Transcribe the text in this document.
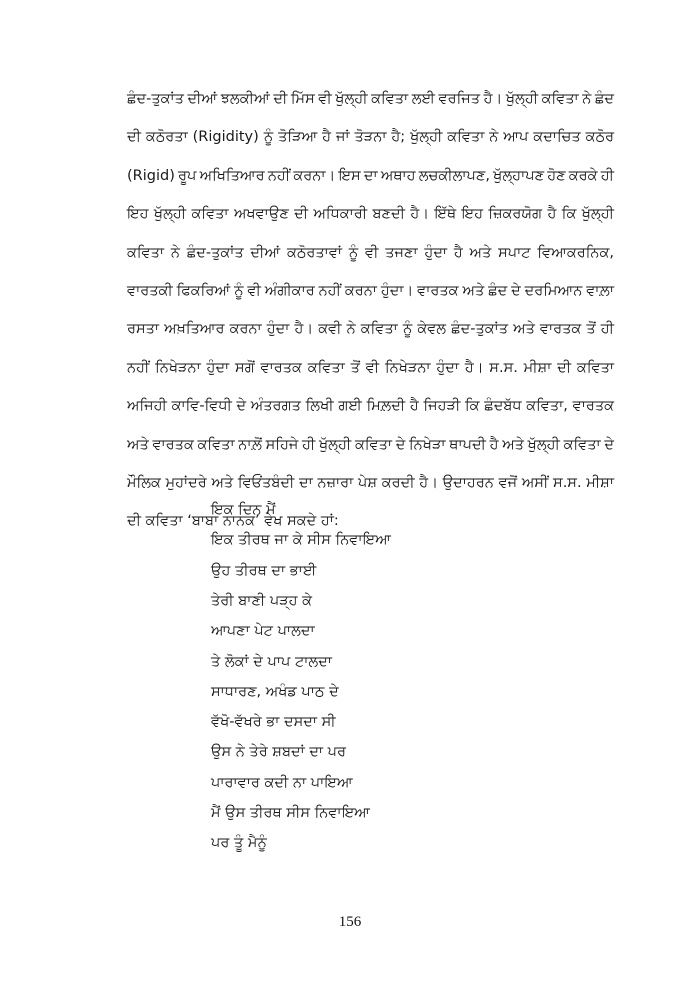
ਛੰਦ-ਤੁਕਾਂਤ ਦੀਆਂ ਝਲਕੀਆਂ ਦੀ ਮਿੱਸ ਵੀ ਖੁੱਲ੍ਹੀ ਕਵਿਤਾ ਲਈ ਵਰਜਿਤ ਹੈ। ਖੁੱਲ੍ਹੀ ਕਵਿਤਾ ਨੇ ਛੰਦ
ਦੀ ਕਠੋਰਤਾ (Rigidity) ਨੂੰ ਤੋੜਿਆ ਹੈ ਜਾਂ ਤੋੜਨਾ ਹੈ; ਖੁੱਲ੍ਹੀ ਕਵਿਤਾ ਨੇ ਆਪ ਕਦਾਚਿਤ ਕਠੋਰ
(Rigid) ਰੂਪ ਅਖਿਤਿਆਰ ਨਹੀਂ ਕਰਨਾ। ਇਸ ਦਾ ਅਥਾਹ ਲਚਕੀਲਾਪਣ, ਖੁੱਲ੍ਹਾਪਣ ਹੋਣ ਕਰਕੇ ਹੀ
ਇਹ ਖੁੱਲ੍ਹੀ ਕਵਿਤਾ ਅਖਵਾਉਣ ਦੀ ਅਧਿਕਾਰੀ ਬਣਦੀ ਹੈ। ਇੱਥੇ ਇਹ ਜ਼ਿਕਰਯੋਗ ਹੈ ਕਿ ਖੁੱਲ੍ਹੀ
ਕਵਿਤਾ ਨੇ ਛੰਦ-ਤੁਕਾਂਤ ਦੀਆਂ ਕਠੋਰਤਾਵਾਂ ਨੂੰ ਵੀ ਤਜਣਾ ਹੁੰਦਾ ਹੈ ਅਤੇ ਸਪਾਟ ਵਿਆਕਰਨਿਕ,
ਵਾਰਤਕੀ ਫਿਕਰਿਆਂ ਨੂੰ ਵੀ ਅੰਗੀਕਾਰ ਨਹੀਂ ਕਰਨਾ ਹੁੰਦਾ। ਵਾਰਤਕ ਅਤੇ ਛੰਦ ਦੇ ਦਰਮਿਆਨ ਵਾਲ਼ਾ
ਰਸਤਾ ਅਖ਼ਤਿਆਰ ਕਰਨਾ ਹੁੰਦਾ ਹੈ। ਕਵੀ ਨੇ ਕਵਿਤਾ ਨੂੰ ਕੇਵਲ ਛੰਦ-ਤੁਕਾਂਤ ਅਤੇ ਵਾਰਤਕ ਤੋਂ ਹੀ
ਨਹੀਂ ਨਿਖੇੜਨਾ ਹੁੰਦਾ ਸਗੋਂ ਵਾਰਤਕ ਕਵਿਤਾ ਤੋਂ ਵੀ ਨਿਖੇੜਨਾ ਹੁੰਦਾ ਹੈ। ਸ.ਸ. ਮੀਸ਼ਾ ਦੀ ਕਵਿਤਾ
ਅਜਿਹੀ ਕਾਵਿ-ਵਿਧੀ ਦੇ ਅੰਤਰਗਤ ਲਿਖੀ ਗਈ ਮਿਲ਼ਦੀ ਹੈ ਜਿਹੜੀ ਕਿ ਛੰਦਬੱਧ ਕਵਿਤਾ, ਵਾਰਤਕ
ਅਤੇ ਵਾਰਤਕ ਕਵਿਤਾ ਨਾਲ਼ੋਂ ਸਹਿਜੇ ਹੀ ਖੁੱਲ੍ਹੀ ਕਵਿਤਾ ਦੇ ਨਿਖੇੜਾ ਥਾਪਦੀ ਹੈ ਅਤੇ ਖੁੱਲ੍ਹੀ ਕਵਿਤਾ ਦੇ
ਮੌਲਿਕ ਮੁਹਾਂਦਰੇ ਅਤੇ ਵਿਓਂਤਬੰਦੀ ਦਾ ਨਜ਼ਾਰਾ ਪੇਸ਼ ਕਰਦੀ ਹੈ। ਉਦਾਹਰਨ ਵਜੋਂ ਅਸੀਂ ਸ.ਸ. ਮੀਸ਼ਾ
ਦੀ ਕਵਿਤਾ ‘ਬਾਬਾ ਨਾਨਕ’ ਵੇਖ ਸਕਦੇ ਹਾਂ:
ਇਕ ਦਿਨ ਮੈਂ
ਇਕ ਤੀਰਥ ਜਾ ਕੇ ਸੀਸ ਨਿਵਾਇਆ
ਉਹ ਤੀਰਥ ਦਾ ਭਾਈ
ਤੇਰੀ ਬਾਣੀ ਪੜ੍ਹ ਕੇ
ਆਪਣਾ ਪੇਟ ਪਾਲਦਾ
ਤੇ ਲੋਕਾਂ ਦੇ ਪਾਪ ਟਾਲਦਾ
ਸਾਧਾਰਣ, ਅਖੰਡ ਪਾਠ ਦੇ
ਵੱਖੋ-ਵੱਖਰੇ ਭਾ ਦਸਦਾ ਸੀ
ਉਸ ਨੇ ਤੇਰੇ ਸ਼ਬਦਾਂ ਦਾ ਪਰ
ਪਾਰਾਵਾਰ ਕਦੀ ਨਾ ਪਾਇਆ
ਮੈਂ ਉਸ ਤੀਰਥ ਸੀਸ ਨਿਵਾਇਆ
ਪਰ ਤੂੰ ਮੈਨੂੰ
156
